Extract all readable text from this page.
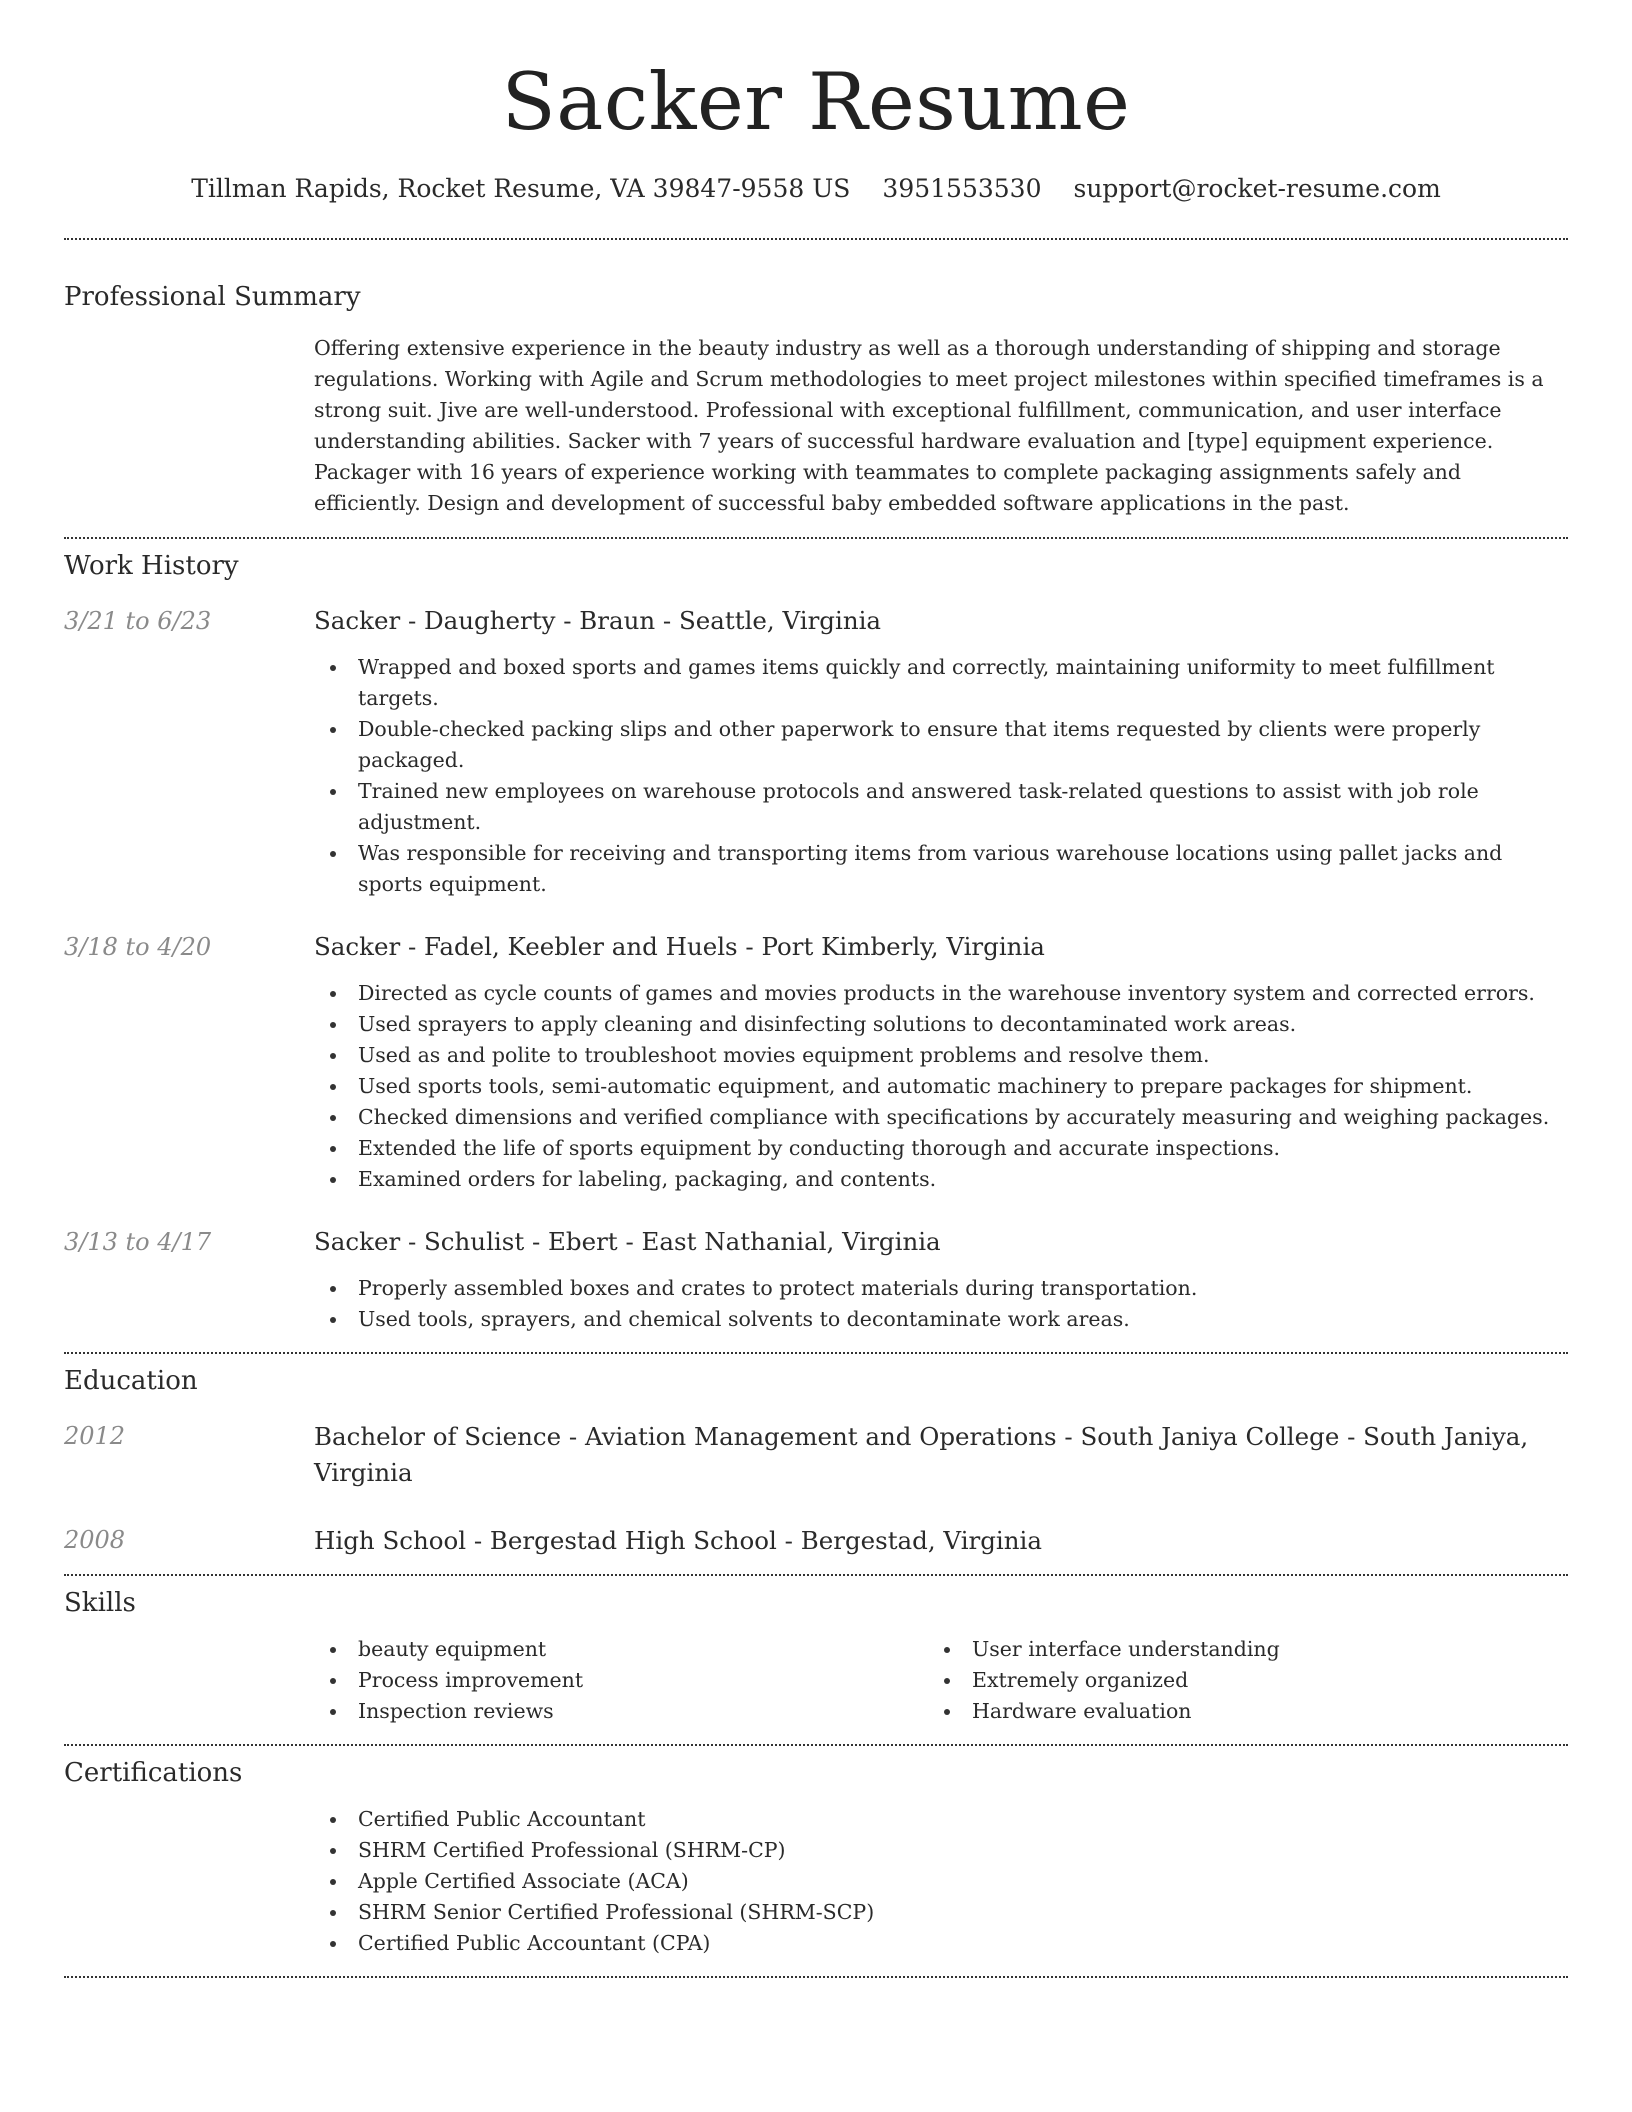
Sacker Resume
Tillman Rapids, Rocket Resume, VA 39847-9558 US 3951553530 support@rocket-resume.com
Professional Summary

Offering extensive experience in the beauty industry as well as a thorough understanding of shipping and storage regulations. Working with Agile and Scrum methodologies to meet project milestones within specified timeframes is a strong suit. Jive are well-understood. Professional with exceptional fulfillment, communication, and user interface understanding abilities. Sacker with 7 years of successful hardware evaluation and [type] equipment experience. Packager with 16 years of experience working with teammates to complete packaging assignments safely and efficiently. Design and development of successful baby embedded software applications in the past.

Work History
3/21 to 6/23	Sacker - Daugherty - Braun - Seattle, Virginia
Wrapped and boxed sports and games items quickly and correctly, maintaining uniformity to meet fulfillment targets.
Double-checked packing slips and other paperwork to ensure that items requested by clients were properly packaged.
Trained new employees on warehouse protocols and answered task-related questions to assist with job role adjustment.
Was responsible for receiving and transporting items from various warehouse locations using pallet jacks and sports equipment.
3/18 to 4/20	Sacker - Fadel, Keebler and Huels - Port Kimberly, Virginia
Directed as cycle counts of games and movies products in the warehouse inventory system and corrected errors.
Used sprayers to apply cleaning and disinfecting solutions to decontaminated work areas.
Used as and polite to troubleshoot movies equipment problems and resolve them.
Used sports tools, semi-automatic equipment, and automatic machinery to prepare packages for shipment.
Checked dimensions and verified compliance with specifications by accurately measuring and weighing packages.
Extended the life of sports equipment by conducting thorough and accurate inspections.
Examined orders for labeling, packaging, and contents.
3/13 to 4/17	Sacker - Schulist - Ebert - East Nathanial, Virginia
Properly assembled boxes and crates to protect materials during transportation.
Used tools, sprayers, and chemical solvents to decontaminate work areas.
Education
2012	Bachelor of Science - Aviation Management and Operations - South Janiya College - South Janiya, Virginia
2008	High School - Bergestad High School - Bergestad, Virginia
Skills
beauty equipment
Process improvement
Inspection reviews
User interface understanding
Extremely organized
Hardware evaluation
Certifications
Certified Public Accountant
SHRM Certified Professional (SHRM-CP)
Apple Certified Associate (ACA)
SHRM Senior Certified Professional (SHRM-SCP)
Certified Public Accountant (CPA)
